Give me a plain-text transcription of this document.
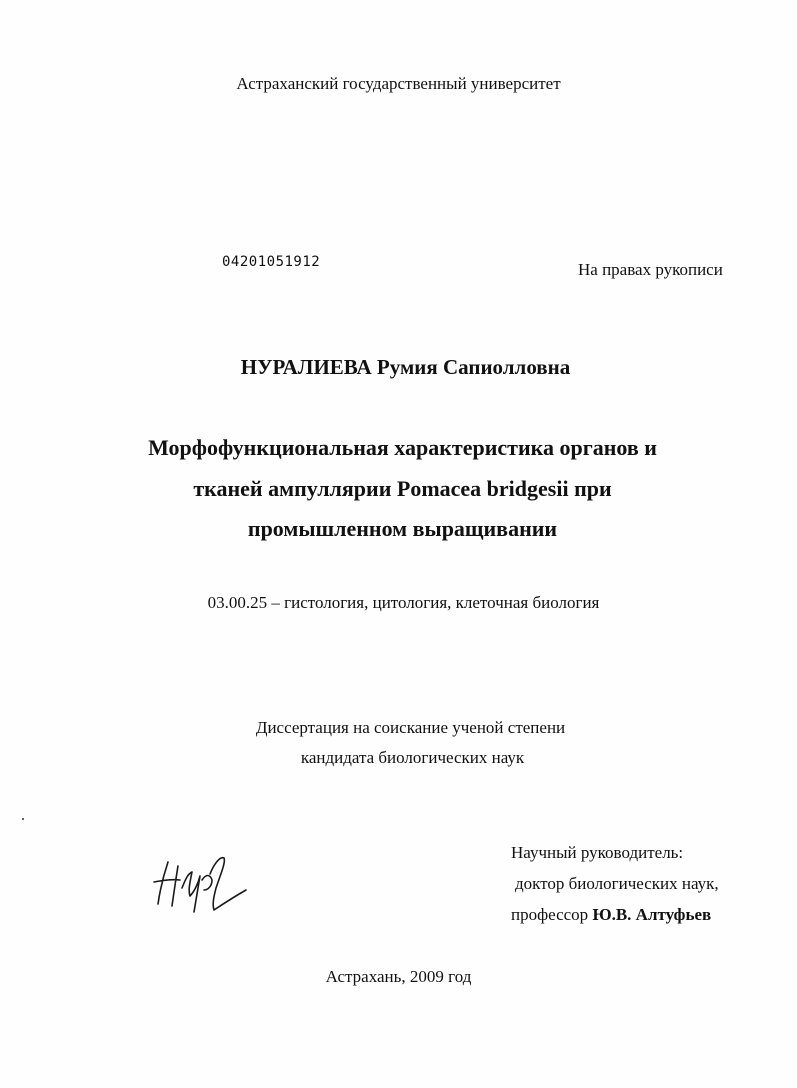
Астраханский государственный университет
04201051912	На правах рукописи
НУРАЛИЕВА Румия Сапиолловна
Морфофункциональная характеристика органов и
тканей ампуллярии Pomacea bridgesii при
промышленном выращивании
03.00.25 – гистология, цитология, клеточная биология
Диссертация на соискание ученой степени
кандидата биологических наук
Научный руководитель:
доктор биологических наук,
профессор Ю.В. Алтуфьев
Астрахань, 2009 год
